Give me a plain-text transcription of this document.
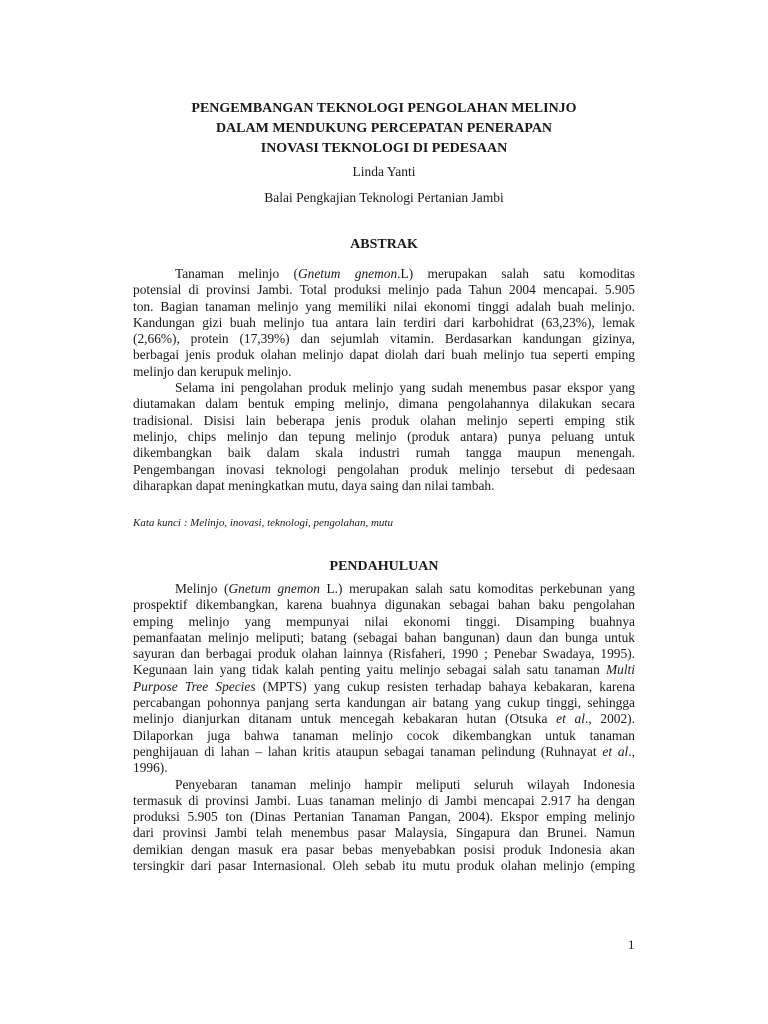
PENGEMBANGAN TEKNOLOGI PENGOLAHAN MELINJO
DALAM MENDUKUNG PERCEPATAN PENERAPAN
INOVASI TEKNOLOGI DI PEDESAAN
Linda Yanti
Balai Pengkajian Teknologi Pertanian Jambi
ABSTRAK
Tanaman melinjo (Gnetum gnemon.L) merupakan salah satu komoditas
potensial di provinsi Jambi. Total produksi melinjo pada Tahun 2004 mencapai. 5.905
ton. Bagian tanaman melinjo yang memiliki nilai ekonomi tinggi adalah buah melinjo.
Kandungan gizi buah melinjo tua antara lain terdiri dari karbohidrat (63,23%), lemak
(2,66%), protein (17,39%) dan sejumlah vitamin. Berdasarkan kandungan gizinya,
berbagai jenis produk olahan melinjo dapat diolah dari buah melinjo tua seperti emping
melinjo dan kerupuk melinjo.
Selama ini pengolahan produk melinjo yang sudah menembus pasar ekspor yang
diutamakan dalam bentuk emping melinjo, dimana pengolahannya dilakukan secara
tradisional. Disisi lain beberapa jenis produk olahan melinjo seperti emping stik
melinjo, chips melinjo dan tepung melinjo (produk antara) punya peluang untuk
dikembangkan baik dalam skala industri rumah tangga maupun menengah.
Pengembangan inovasi teknologi pengolahan produk melinjo tersebut di pedesaan
diharapkan dapat meningkatkan mutu, daya saing dan nilai tambah.
Kata kunci : Melinjo, inovasi, teknologi, pengolahan, mutu
PENDAHULUAN
Melinjo (Gnetum gnemon L.) merupakan salah satu komoditas perkebunan yang
prospektif dikembangkan, karena buahnya digunakan sebagai bahan baku pengolahan
emping melinjo yang mempunyai nilai ekonomi tinggi. Disamping buahnya
pemanfaatan melinjo meliputi; batang (sebagai bahan bangunan) daun dan bunga untuk
sayuran dan berbagai produk olahan lainnya (Risfaheri, 1990 ; Penebar Swadaya, 1995).
Kegunaan lain yang tidak kalah penting yaitu melinjo sebagai salah satu tanaman Multi
Purpose Tree Species (MPTS) yang cukup resisten terhadap bahaya kebakaran, karena
percabangan pohonnya panjang serta kandungan air batang yang cukup tinggi, sehingga
melinjo dianjurkan ditanam untuk mencegah kebakaran hutan (Otsuka et al., 2002).
Dilaporkan juga bahwa tanaman melinjo cocok dikembangkan untuk tanaman
penghijauan di lahan – lahan kritis ataupun sebagai tanaman pelindung (Ruhnayat et al.,
1996).
Penyebaran tanaman melinjo hampir meliputi seluruh wilayah Indonesia
termasuk di provinsi Jambi. Luas tanaman melinjo di Jambi mencapai 2.917 ha dengan
produksi 5.905 ton (Dinas Pertanian Tanaman Pangan, 2004). Ekspor emping melinjo
dari provinsi Jambi telah menembus pasar Malaysia, Singapura dan Brunei. Namun
demikian dengan masuk era pasar bebas menyebabkan posisi produk Indonesia akan
tersingkir dari pasar Internasional. Oleh sebab itu mutu produk olahan melinjo (emping
1
